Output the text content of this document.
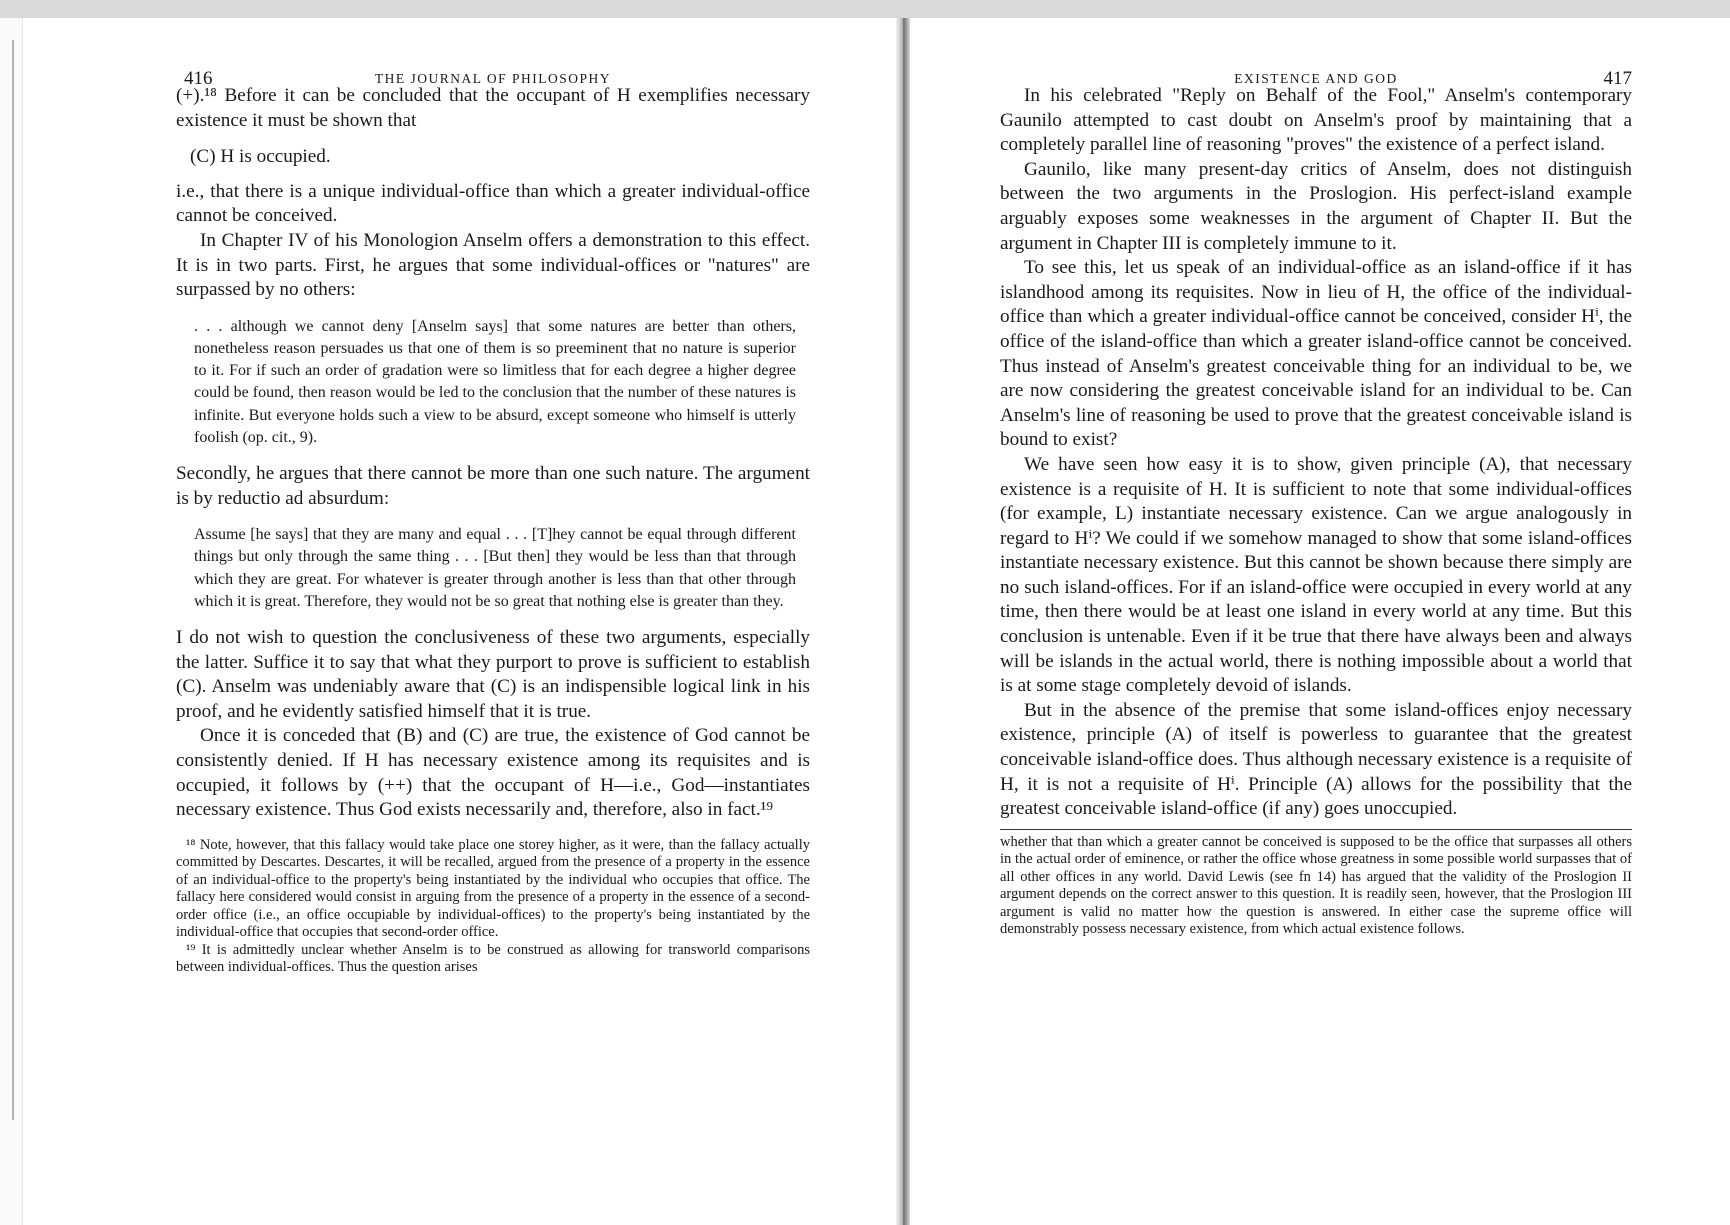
416	THE JOURNAL OF PHILOSOPHY

(+).¹⁸ Before it can be concluded that the occupant of H exemplifies necessary existence it must be shown that

(C) H is occupied.

i.e., that there is a unique individual-office than which a greater individual-office cannot be conceived.

In Chapter IV of his Monologion Anselm offers a demonstration to this effect. It is in two parts. First, he argues that some individual-offices or "natures" are surpassed by no others:

. . . although we cannot deny [Anselm says] that some natures are better than others, nonetheless reason persuades us that one of them is so preeminent that no nature is superior to it. For if such an order of gradation were so limitless that for each degree a higher degree could be found, then reason would be led to the conclusion that the number of these natures is infinite. But everyone holds such a view to be absurd, except someone who himself is utterly foolish (op. cit., 9).

Secondly, he argues that there cannot be more than one such nature. The argument is by reductio ad absurdum:

Assume [he says] that they are many and equal . . . [T]hey cannot be equal through different things but only through the same thing . . . [But then] they would be less than that through which they are great. For whatever is greater through another is less than that other through which it is great. Therefore, they would not be so great that nothing else is greater than they.

I do not wish to question the conclusiveness of these two arguments, especially the latter. Suffice it to say that what they purport to prove is sufficient to establish (C). Anselm was undeniably aware that (C) is an indispensible logical link in his proof, and he evidently satisfied himself that it is true.

Once it is conceded that (B) and (C) are true, the existence of God cannot be consistently denied. If H has necessary existence among its requisites and is occupied, it follows by (++) that the occupant of H—i.e., God—instantiates necessary existence. Thus God exists necessarily and, therefore, also in fact.¹⁹

¹⁸ Note, however, that this fallacy would take place one storey higher, as it were, than the fallacy actually committed by Descartes. Descartes, it will be recalled, argued from the presence of a property in the essence of an individual-office to the property's being instantiated by the individual who occupies that office. The fallacy here considered would consist in arguing from the presence of a property in the essence of a second-order office (i.e., an office occupiable by individual-offices) to the property's being instantiated by the individual-office that occupies that second-order office.

¹⁹ It is admittedly unclear whether Anselm is to be construed as allowing for transworld comparisons between individual-offices. Thus the question arises

EXISTENCE AND GOD	417

In his celebrated "Reply on Behalf of the Fool," Anselm's contemporary Gaunilo attempted to cast doubt on Anselm's proof by maintaining that a completely parallel line of reasoning "proves" the existence of a perfect island.

Gaunilo, like many present-day critics of Anselm, does not distinguish between the two arguments in the Proslogion. His perfect-island example arguably exposes some weaknesses in the argument of Chapter II. But the argument in Chapter III is completely immune to it.

To see this, let us speak of an individual-office as an island-office if it has islandhood among its requisites. Now in lieu of H, the office of the individual-office than which a greater individual-office cannot be conceived, consider Hⁱ, the office of the island-office than which a greater island-office cannot be conceived. Thus instead of Anselm's greatest conceivable thing for an individual to be, we are now considering the greatest conceivable island for an individual to be. Can Anselm's line of reasoning be used to prove that the greatest conceivable island is bound to exist?

We have seen how easy it is to show, given principle (A), that necessary existence is a requisite of H. It is sufficient to note that some individual-offices (for example, L) instantiate necessary existence. Can we argue analogously in regard to Hⁱ? We could if we somehow managed to show that some island-offices instantiate necessary existence. But this cannot be shown because there simply are no such island-offices. For if an island-office were occupied in every world at any time, then there would be at least one island in every world at any time. But this conclusion is untenable. Even if it be true that there have always been and always will be islands in the actual world, there is nothing impossible about a world that is at some stage completely devoid of islands.

But in the absence of the premise that some island-offices enjoy necessary existence, principle (A) of itself is powerless to guarantee that the greatest conceivable island-office does. Thus although necessary existence is a requisite of H, it is not a requisite of Hⁱ. Principle (A) allows for the possibility that the greatest conceivable island-office (if any) goes unoccupied.

whether that than which a greater cannot be conceived is supposed to be the office that surpasses all others in the actual order of eminence, or rather the office whose greatness in some possible world surpasses that of all other offices in any world. David Lewis (see fn 14) has argued that the validity of the Proslogion II argument depends on the correct answer to this question. It is readily seen, however, that the Proslogion III argument is valid no matter how the question is answered. In either case the supreme office will demonstrably possess necessary existence, from which actual existence follows.
